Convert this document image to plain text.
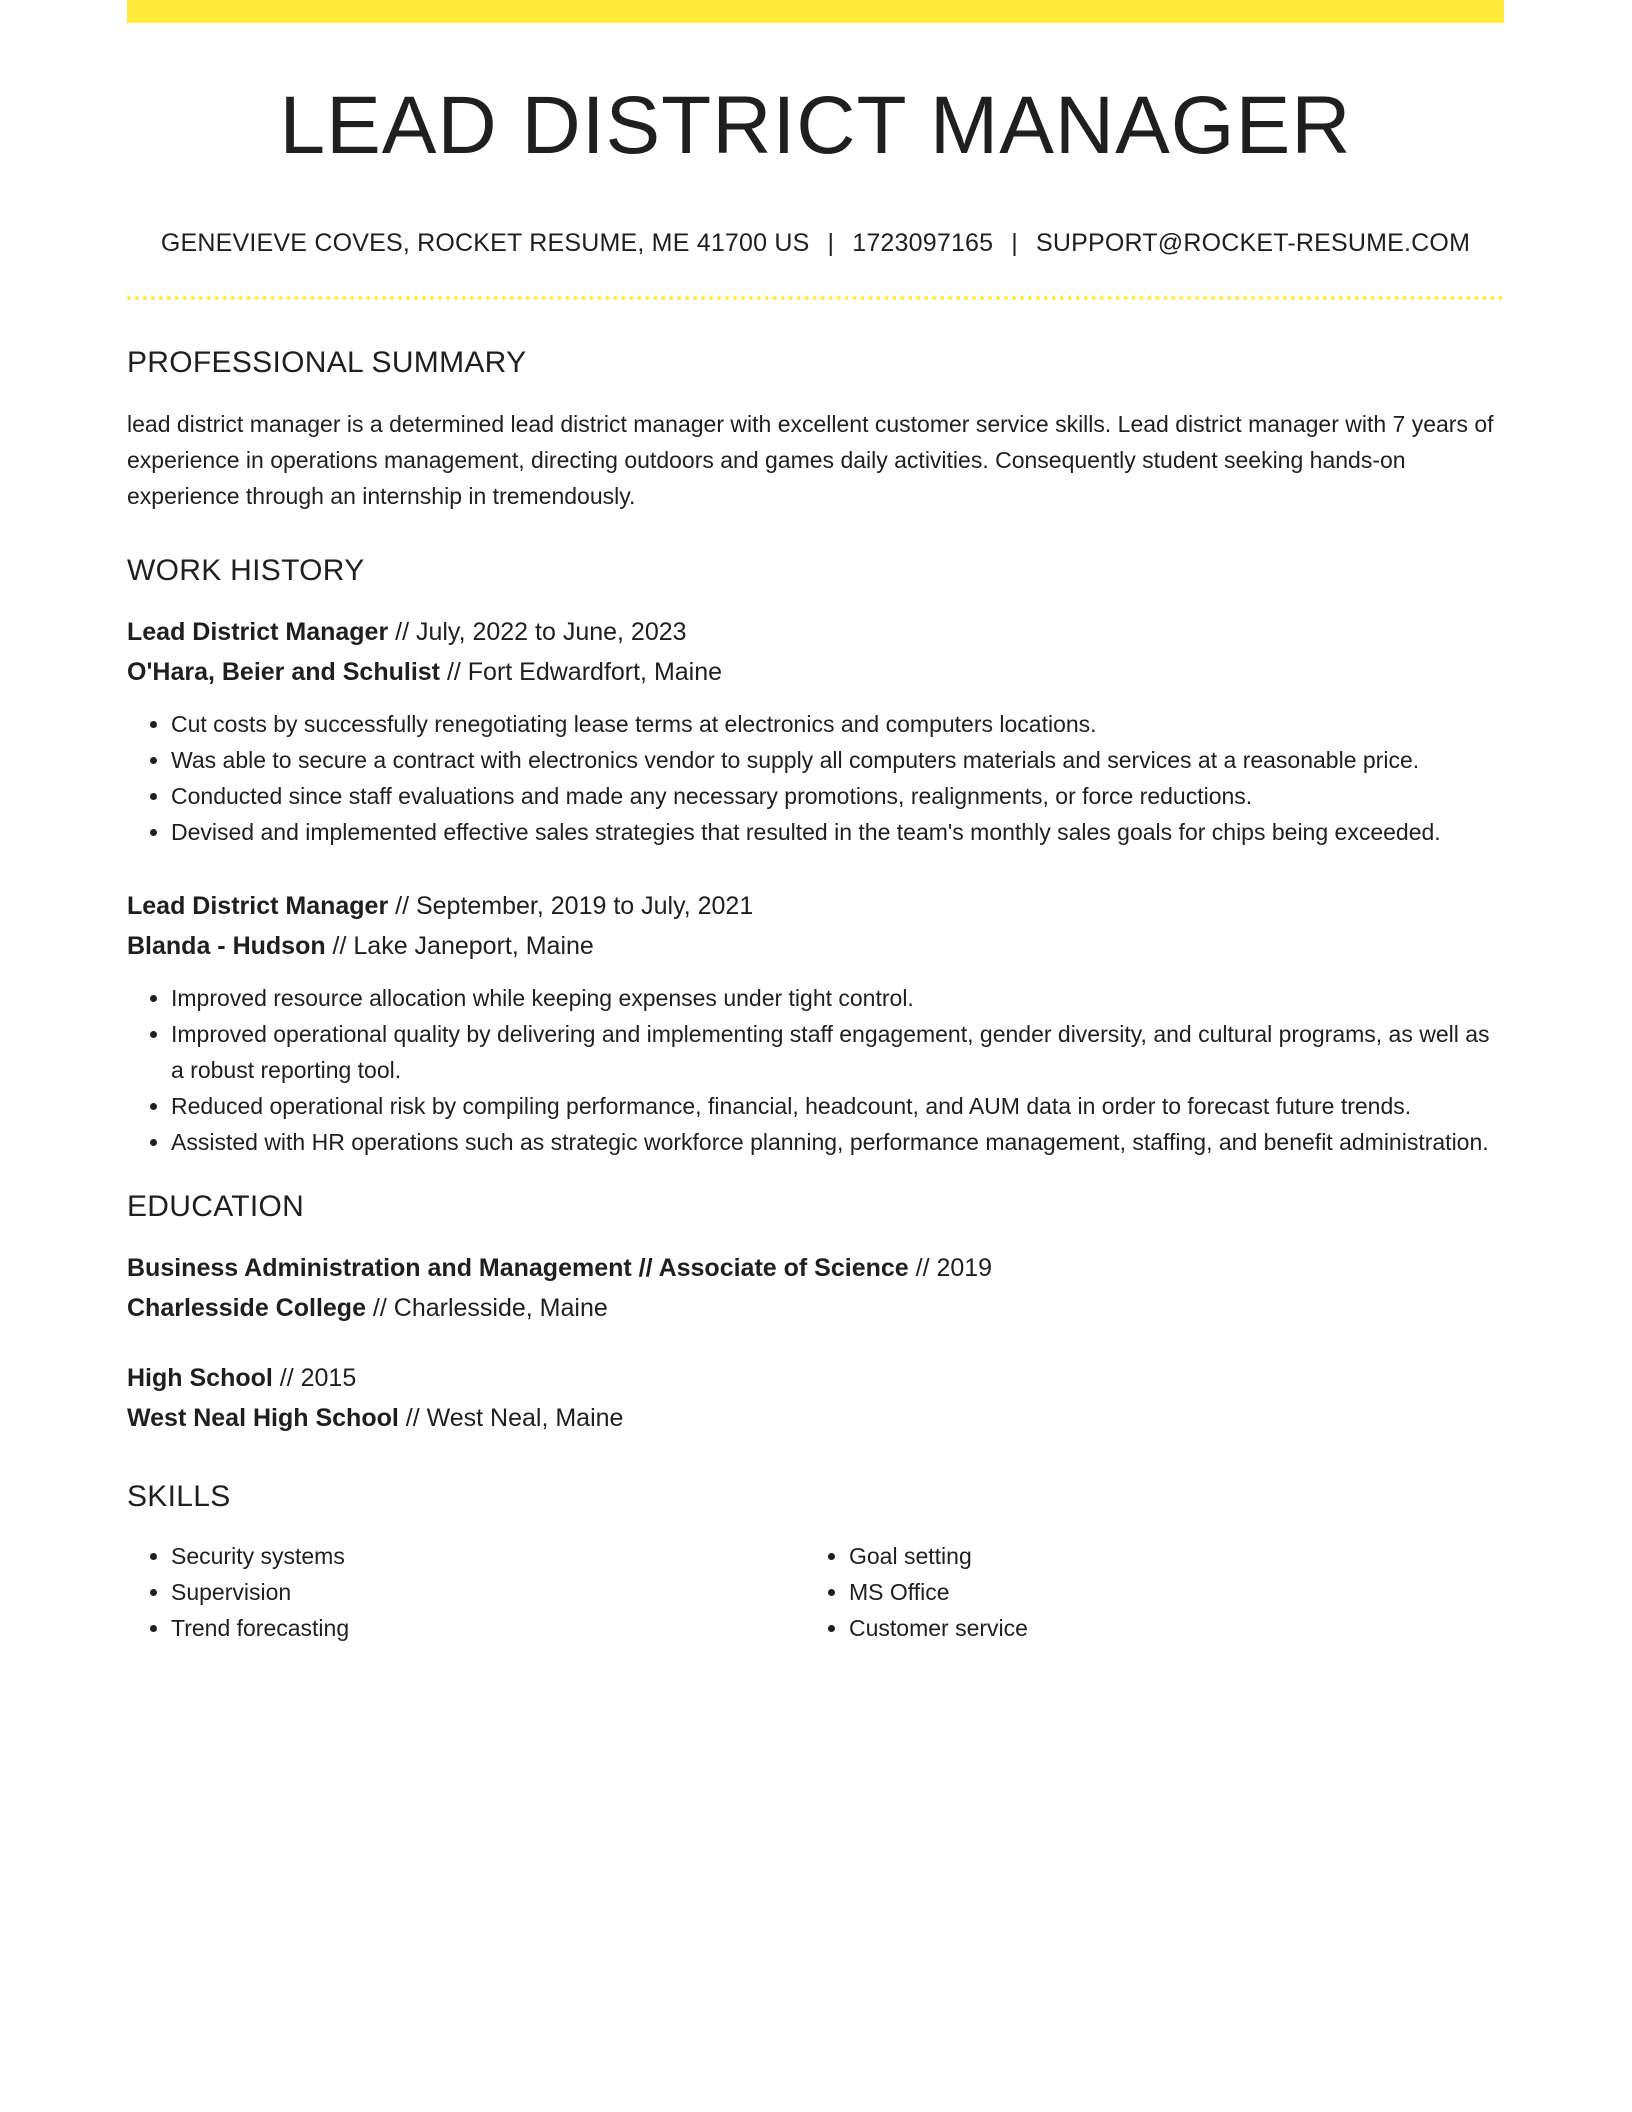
LEAD DISTRICT MANAGER
GENEVIEVE COVES, ROCKET RESUME, ME 41700 US | 1723097165 | SUPPORT@ROCKET-RESUME.COM
PROFESSIONAL SUMMARY
lead district manager is a determined lead district manager with excellent customer service skills. Lead district manager with 7 years of experience in operations management, directing outdoors and games daily activities. Consequently student seeking hands-on experience through an internship in tremendously.
WORK HISTORY
Lead District Manager // July, 2022 to June, 2023
O'Hara, Beier and Schulist // Fort Edwardfort, Maine
• Cut costs by successfully renegotiating lease terms at electronics and computers locations.
• Was able to secure a contract with electronics vendor to supply all computers materials and services at a reasonable price.
• Conducted since staff evaluations and made any necessary promotions, realignments, or force reductions.
• Devised and implemented effective sales strategies that resulted in the team's monthly sales goals for chips being exceeded.
Lead District Manager // September, 2019 to July, 2021
Blanda - Hudson // Lake Janeport, Maine
• Improved resource allocation while keeping expenses under tight control.
• Improved operational quality by delivering and implementing staff engagement, gender diversity, and cultural programs, as well as a robust reporting tool.
• Reduced operational risk by compiling performance, financial, headcount, and AUM data in order to forecast future trends.
• Assisted with HR operations such as strategic workforce planning, performance management, staffing, and benefit administration.
EDUCATION
Business Administration and Management // Associate of Science // 2019
Charlesside College // Charlesside, Maine
High School // 2015
West Neal High School // West Neal, Maine
SKILLS
• Security systems
• Supervision
• Trend forecasting
• Goal setting
• MS Office
• Customer service
